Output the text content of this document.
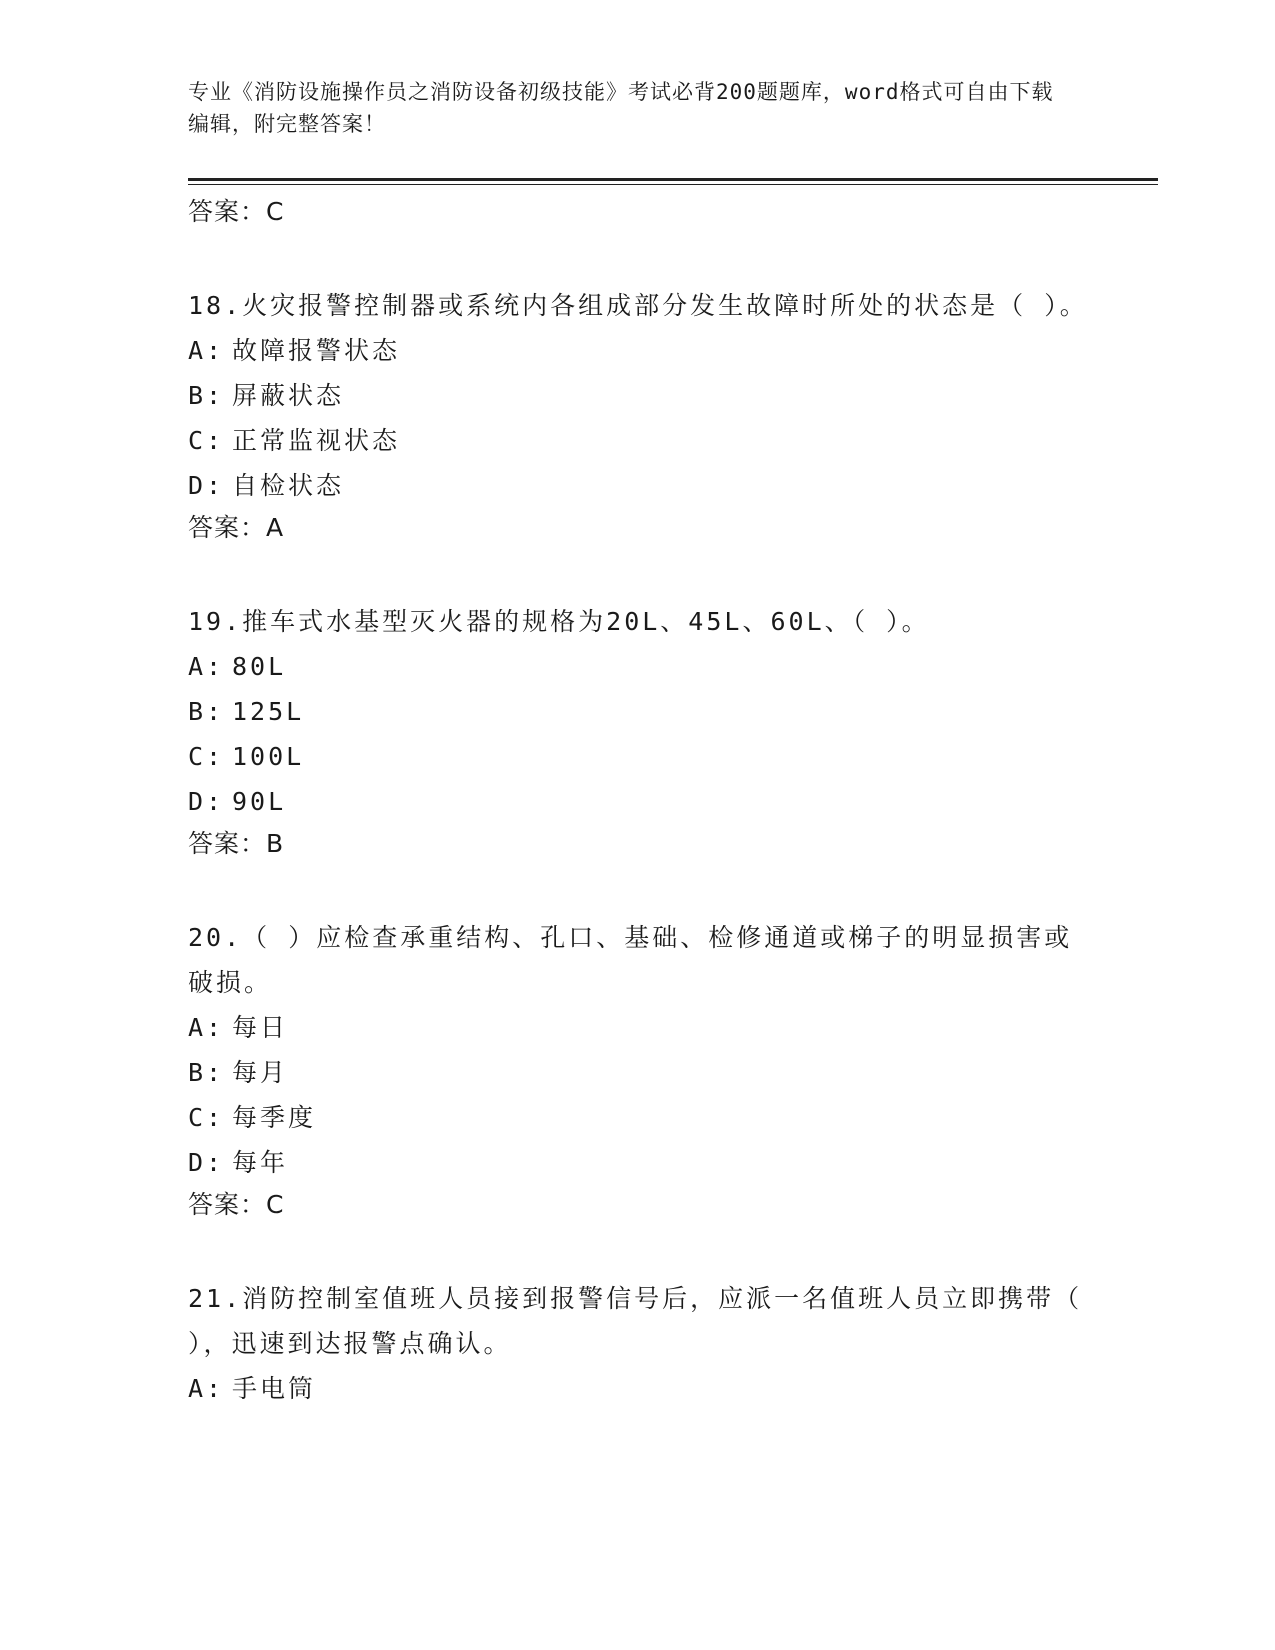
专业《消防设施操作员之消防设备初级技能》考试必背200题题库，word格式可自由下载编辑，附完整答案！
答案：C
18.火灾报警控制器或系统内各组成部分发生故障时所处的状态是（ ）。
A: 故障报警状态
B: 屏蔽状态
C: 正常监视状态
D: 自检状态
答案：A
19.推车式水基型灭火器的规格为20L、45L、60L、（ ）。
A: 80L
B: 125L
C: 100L
D: 90L
答案：B
20.（ ）应检查承重结构、孔口、基础、检修通道或梯子的明显损害或破损。
A: 每日
B: 每月
C: 每季度
D: 每年
答案：C
21.消防控制室值班人员接到报警信号后，应派一名值班人员立即携带（ ），迅速到达报警点确认。
A: 手电筒
